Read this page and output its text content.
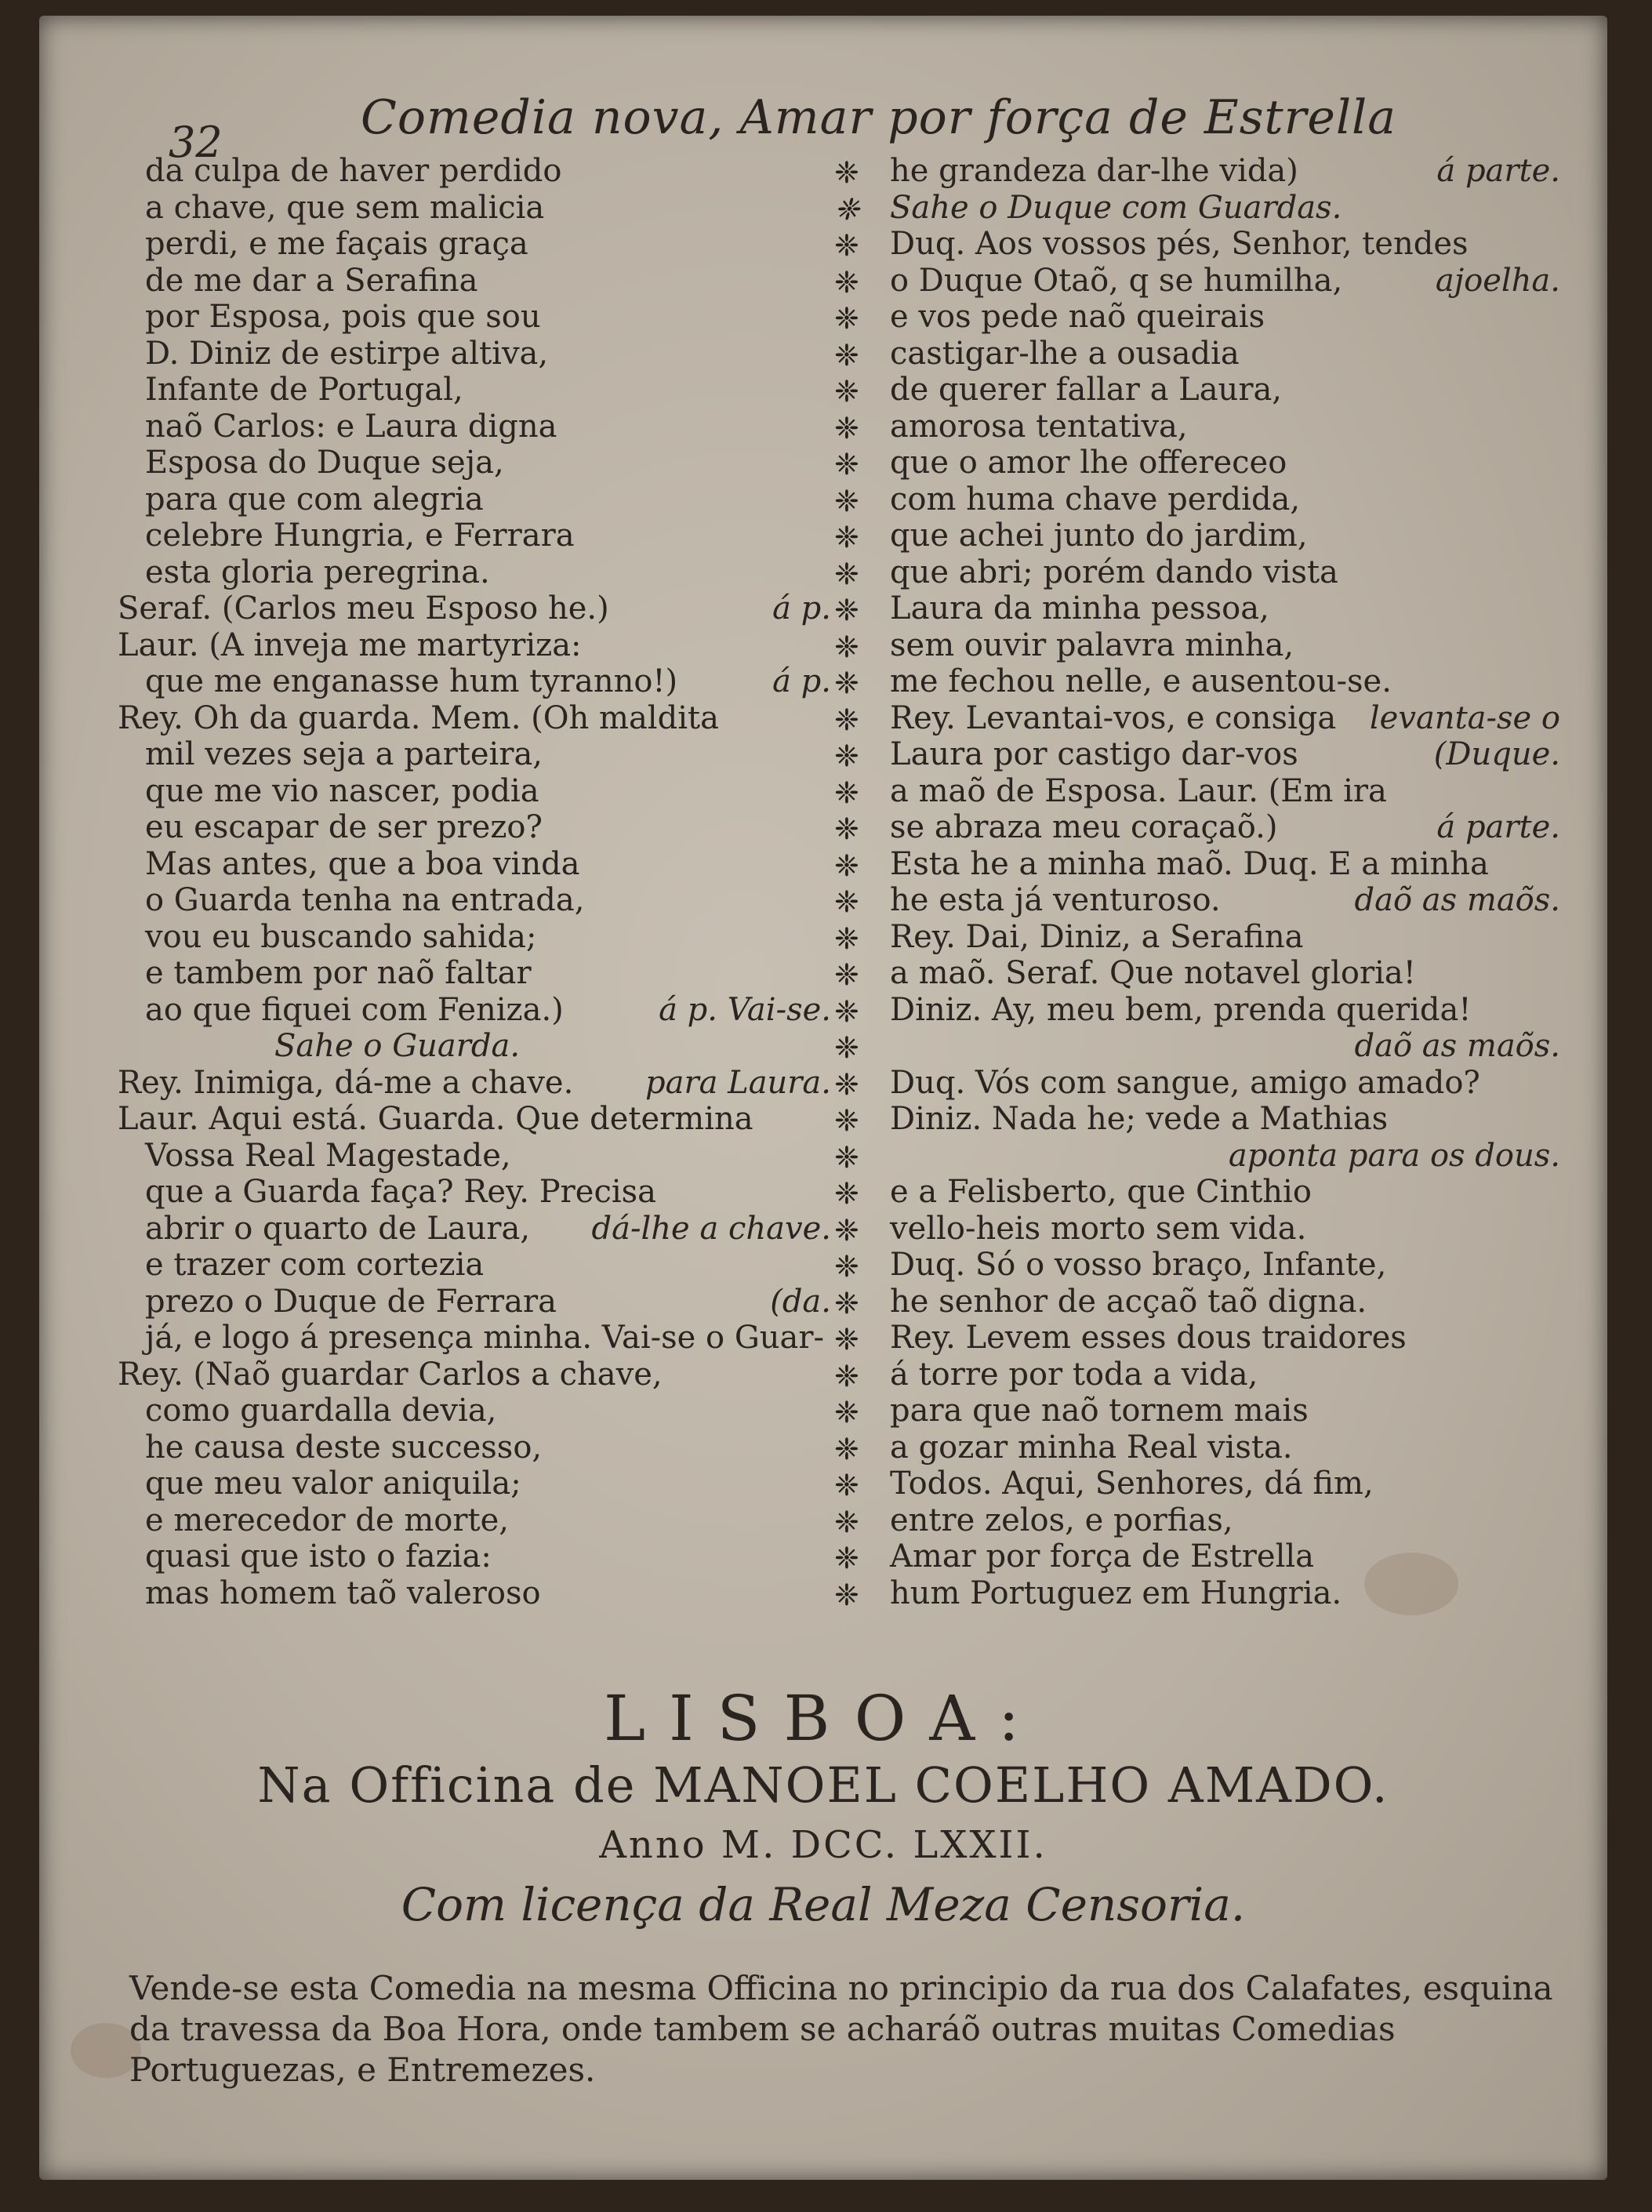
32	Comedia nova, Amar por força de Estrella
da culpa de haver perdido
a chave, que sem malicia
perdi, e me façais graça
de me dar a Serafina
por Esposa, pois que sou
D. Diniz de estirpe altiva,
Infante de Portugal,
naõ Carlos: e Laura digna
Esposa do Duque seja,
para que com alegria
celebre Hungria, e Ferrara
esta gloria peregrina.
Seraf. (Carlos meu Esposo he.)	á p.
Laur. (A inveja me martyriza:
que me enganasse hum tyranno!)	á p.
Rey. Oh da guarda. Mem. (Oh maldita
mil vezes seja a parteira,
que me vio nascer, podia
eu escapar de ser prezo?
Mas antes, que a boa vinda
o Guarda tenha na entrada,
vou eu buscando sahida;
e tambem por naõ faltar
ao que fiquei com Feniza.)	á p. Vai-se.
Sahe o Guarda.
Rey. Inimiga, dá-me a chave. para Laura.
Laur. Aqui está. Guarda. Que determina
Vossa Real Magestade,
que a Guarda faça? Rey. Precisa
abrir o quarto de Laura, dá-lhe a chave.
e trazer com cortezia
prezo o Duque de Ferrara	(da.
já, e logo á presença minha. Vai-se o Guar-
Rey. (Naõ guardar Carlos a chave,
como guardalla devia,
he causa deste successo,
que meu valor aniquila;
e merecedor de morte,
quasi que isto o fazia:
mas homem taõ valeroso
❈ he grandeza dar-lhe vida)	á parte.
❈ Sahe o Duque com Guardas.
❈ Duq. Aos vossos pés, Senhor, tendes
❈ o Duque Otaõ, q se humilha,	ajoelha.
❈ e vos pede naõ queirais
❈ castigar-lhe a ousadia
❈ de querer fallar a Laura,
❈ amorosa tentativa,
❈ que o amor lhe offereceo
❈ com huma chave perdida,
❈ que achei junto do jardim,
❈ que abri; porém dando vista
❈ Laura da minha pessoa,
❈ sem ouvir palavra minha,
❈ me fechou nelle, e ausentou-se.
❈ Rey. Levantai-vos, e consiga levanta-se o
❈ Laura por castigo dar-vos	(Duque.
❈ a maõ de Esposa. Laur. (Em ira
❈ se abraza meu coraçaõ.)	á parte.
❈ Esta he a minha maõ. Duq. E a minha
❈ he esta já venturoso.	daõ as maõs.
❈ Rey. Dai, Diniz, a Serafina
❈ a maõ. Seraf. Que notavel gloria!
❈ Diniz. Ay, meu bem, prenda querida!
❈	daõ as maõs.
❈ Duq. Vós com sangue, amigo amado?
❈ Diniz. Nada he; vede a Mathias
❈	aponta para os dous.
❈ e a Felisberto, que Cinthio
❈ vello-heis morto sem vida.
❈ Duq. Só o vosso braço, Infante,
❈ he senhor de acçaõ taõ digna.
❈ Rey. Levem esses dous traidores
❈ á torre por toda a vida,
❈ para que naõ tornem mais
❈ a gozar minha Real vista.
❈ Todos. Aqui, Senhores, dá fim,
❈ entre zelos, e porfias,
❈ Amar por força de Estrella
❈ hum Portuguez em Hungria.
LISBOA:
Na Officina de MANOEL COELHO AMADO.
Anno M. DCC. LXXII.
Com licença da Real Meza Censoria.
Vende-se esta Comedia na mesma Officina no principio da rua dos Calafates, esquina da travessa da Boa Hora, onde tambem se acharáõ outras muitas Comedias Portuguezas, e Entremezes.
